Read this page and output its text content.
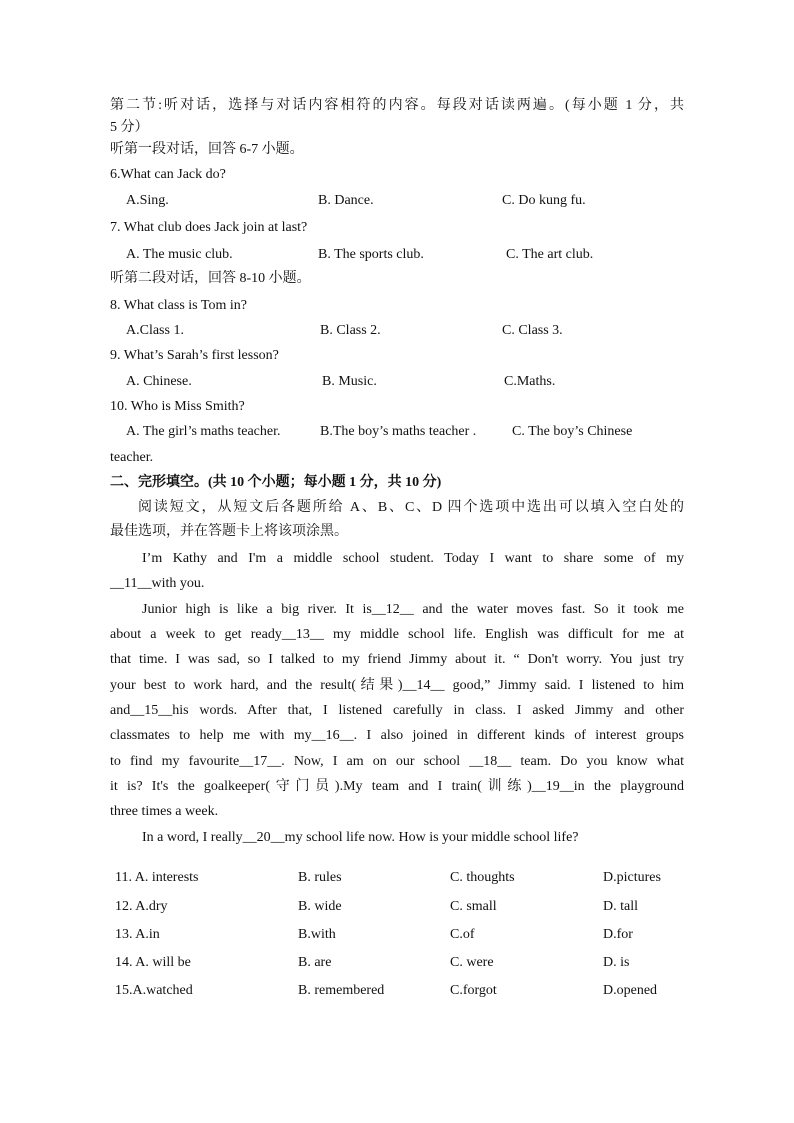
第二节:听对话，选择与对话内容相符的内容。每段对话读两遍。(每小题 1 分，共
5 分）
听第一段对话，回答 6-7 小题。
6.What can Jack do?
A.Sing.	B. Dance.	C. Do kung fu.
7. What club does Jack join at last?
A. The music club.	B. The sports club.	C. The art club.
听第二段对话，回答 8-10 小题。
8. What class is Tom in?
A.Class 1.	B. Class 2.	C. Class 3.
9. What’s Sarah’s first lesson?
A. Chinese.	B. Music.	C.Maths.
10. Who is Miss Smith?
A. The girl’s maths teacher.	B.The boy’s maths teacher .	C. The boy’s Chinese
teacher.
二、完形填空。(共 10 个小题；每小题 1 分，共 10 分)
阅读短文，从短文后各题所给 A、B、C、D 四个选项中选出可以填入空白处的
最佳选项，并在答题卡上将该项涂黑。
I’m Kathy and I'm a middle school student. Today I want to share some of my
__11__with you.
Junior high is like a big river. It is__12__ and the water moves fast. So it took me
about a week to get ready__13__ my middle school life. English was difficult for me at
that time. I was sad, so I talked to my friend Jimmy about it. “ Don't worry. You just try
your best to work hard, and the result(结果)__14__ good,” Jimmy said. I listened to him
and__15__his words. After that, I listened carefully in class. I asked Jimmy and other
classmates to help me with my__16__. I also joined in different kinds of interest groups
to find my favourite__17__. Now, I am on our school __18__ team. Do you know what
it is? It's the goalkeeper(守门员).My team and I train(训练)__19__in the playground
three times a week.
In a word, I really__20__my school life now. How is your middle school life?
11. A. interests	B. rules	C. thoughts	D.pictures
12. A.dry	B. wide	C. small	D. tall
13. A.in	B.with	C.of	D.for
14. A. will be	B. are	C. were	D. is
15.A.watched	B. remembered	C.forgot	D.opened
